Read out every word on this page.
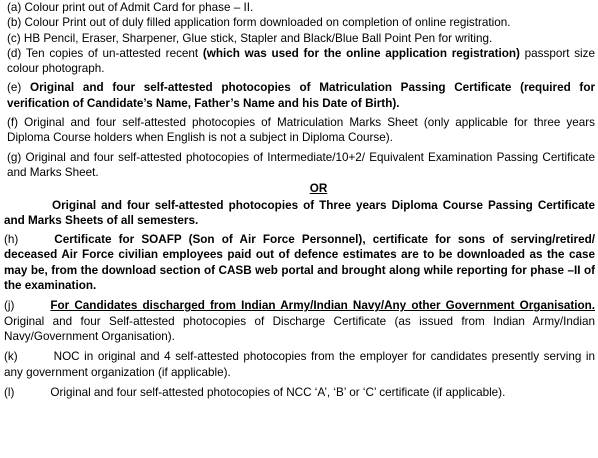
(a) Colour print out of Admit Card for phase – II.

(b) Colour Print out of duly filled application form downloaded on completion of online registration.

(c) HB Pencil, Eraser, Sharpener, Glue stick, Stapler and Black/Blue Ball Point Pen for writing.

(d) Ten copies of un-attested recent (which was used for the online application registration) passport size colour photograph.

(e) Original and four self-attested photocopies of Matriculation Passing Certificate (required for verification of Candidate’s Name, Father’s Name and his Date of Birth).

(f) Original and four self-attested photocopies of Matriculation Marks Sheet (only applicable for three years Diploma Course holders when English is not a subject in Diploma Course).

(g) Original and four self-attested photocopies of Intermediate/10+2/ Equivalent Examination Passing Certificate and Marks Sheet.

OR

Original and four self-attested photocopies of Three years Diploma Course Passing Certificate and Marks Sheets of all semesters.

(h)	Certificate for SOAFP (Son of Air Force Personnel), certificate for sons of serving/retired/ deceased Air Force civilian employees paid out of defence estimates are to be downloaded as the case may be, from the download section of CASB web portal and brought along while reporting for phase –II of the examination.

(j)	For Candidates discharged from Indian Army/Indian Navy/Any other Government Organisation. Original and four Self-attested photocopies of Discharge Certificate (as issued from Indian Army/Indian Navy/Government Organisation).

(k)	NOC in original and 4 self-attested photocopies from the employer for candidates presently serving in any government organization (if applicable).

(l)	Original and four self-attested photocopies of NCC ‘A’, ‘B’ or ‘C’ certificate (if applicable).
